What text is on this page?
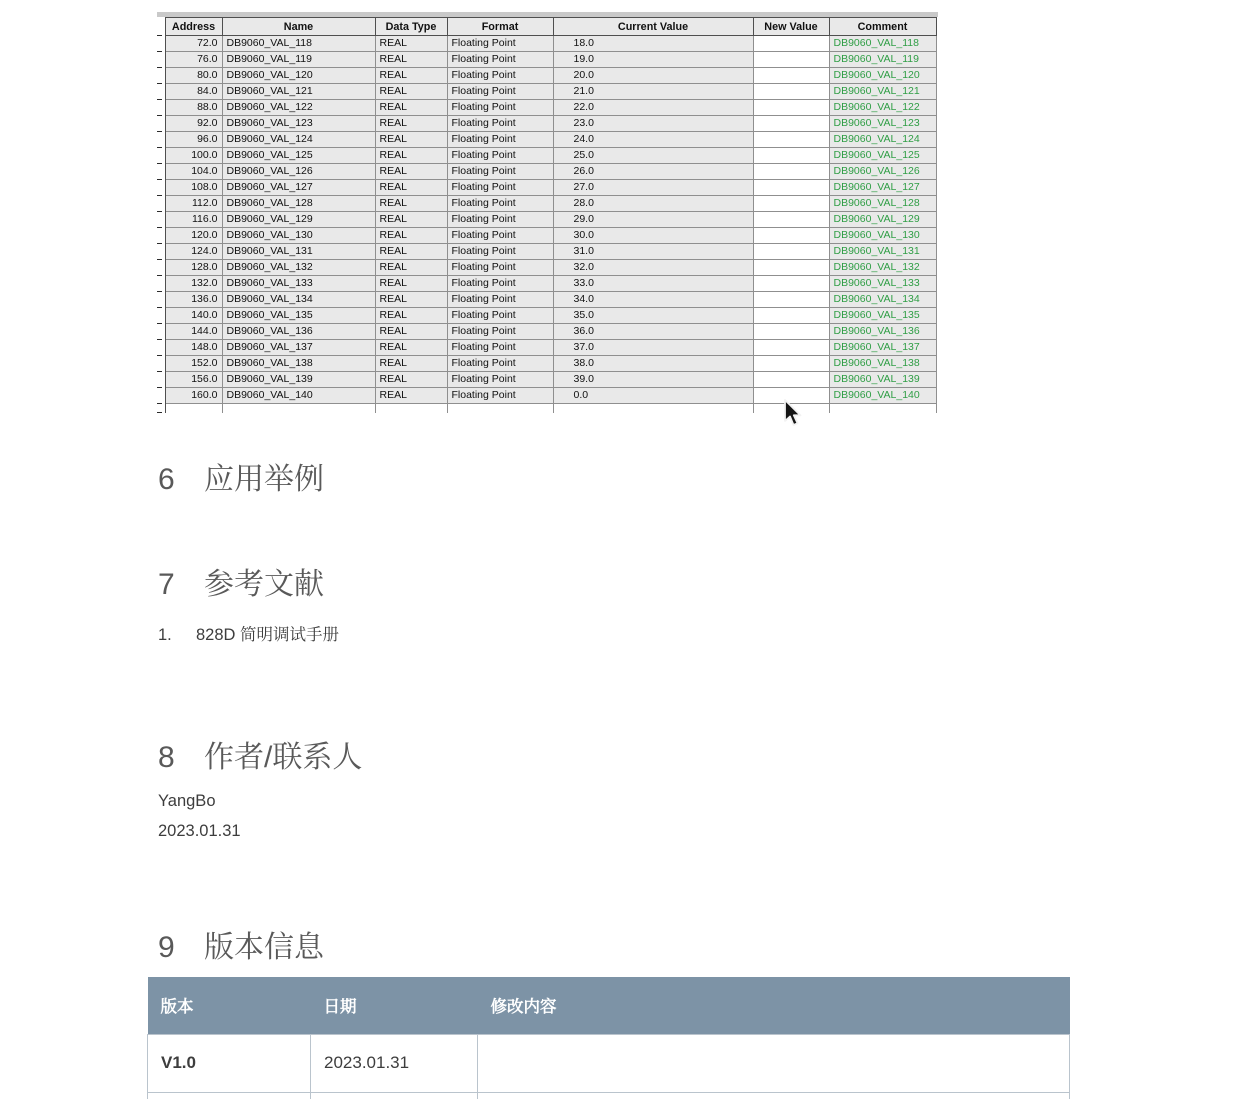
	Address	Name	Data Type	Format	Current Value	New Value	Comment
	72.0	DB9060_VAL_118	REAL	Floating Point	18.0		DB9060_VAL_118
	76.0	DB9060_VAL_119	REAL	Floating Point	19.0		DB9060_VAL_119
	80.0	DB9060_VAL_120	REAL	Floating Point	20.0		DB9060_VAL_120
	84.0	DB9060_VAL_121	REAL	Floating Point	21.0		DB9060_VAL_121
	88.0	DB9060_VAL_122	REAL	Floating Point	22.0		DB9060_VAL_122
	92.0	DB9060_VAL_123	REAL	Floating Point	23.0		DB9060_VAL_123
	96.0	DB9060_VAL_124	REAL	Floating Point	24.0		DB9060_VAL_124
	100.0	DB9060_VAL_125	REAL	Floating Point	25.0		DB9060_VAL_125
	104.0	DB9060_VAL_126	REAL	Floating Point	26.0		DB9060_VAL_126
	108.0	DB9060_VAL_127	REAL	Floating Point	27.0		DB9060_VAL_127
	112.0	DB9060_VAL_128	REAL	Floating Point	28.0		DB9060_VAL_128
	116.0	DB9060_VAL_129	REAL	Floating Point	29.0		DB9060_VAL_129
	120.0	DB9060_VAL_130	REAL	Floating Point	30.0		DB9060_VAL_130
	124.0	DB9060_VAL_131	REAL	Floating Point	31.0		DB9060_VAL_131
	128.0	DB9060_VAL_132	REAL	Floating Point	32.0		DB9060_VAL_132
	132.0	DB9060_VAL_133	REAL	Floating Point	33.0		DB9060_VAL_133
	136.0	DB9060_VAL_134	REAL	Floating Point	34.0		DB9060_VAL_134
	140.0	DB9060_VAL_135	REAL	Floating Point	35.0		DB9060_VAL_135
	144.0	DB9060_VAL_136	REAL	Floating Point	36.0		DB9060_VAL_136
	148.0	DB9060_VAL_137	REAL	Floating Point	37.0		DB9060_VAL_137
	152.0	DB9060_VAL_138	REAL	Floating Point	38.0		DB9060_VAL_138
	156.0	DB9060_VAL_139	REAL	Floating Point	39.0		DB9060_VAL_139
	160.0	DB9060_VAL_140	REAL	Floating Point	0.0		DB9060_VAL_140

6 应用举例
7 参考文献
1. 828D 简明调试手册
8 作者/联系人
YangBo
2023.01.31
9 版本信息
版本	日期	修改内容
V1.0	2023.01.31	
